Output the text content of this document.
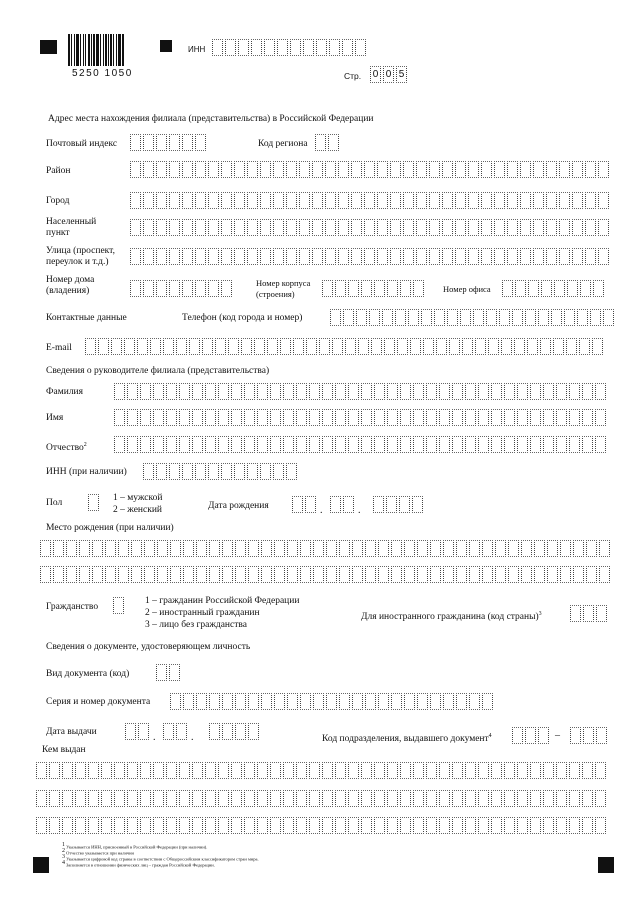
5250 1050
ИНН
Стр. 0 0 5
Адрес места нахождения филиала (представительства) в Российской Федерации
Почтовый индекс	Код региона
Район
Город
Населенный пункт
Улица (проспект, переулок и т.д.)
Номер дома (владения)
Номер корпуса (строения)	Номер офиса
Контактные данные	Телефон (код города и номер)
E-mail
Сведения о руководителе филиала (представительства)
Фамилия
Имя
Отчество$^2$
ИНН (при наличии)
Пол	1 – мужской
2 – женский	Дата рождения	.	.
Место рождения (при наличии)
Гражданство
1 – гражданин Российской Федерации
2 – иностранный гражданин
3 – лицо без гражданства
Для иностранного гражданина (код страны)$^3$
Сведения о документе, удостоверяющем личность
Вид документа (код)
Серия и номер документа
Дата выдачи	.	.	Код подразделения, выдавшего документ$^4$	–
Кем выдан
1 Указывается ИНН, присвоенный в Российской Федерации (при наличии).
2 Отчество указывается при наличии
3 Указывается цифровой код страны в соответствии с Общероссийским классификатором стран мира.
4 Заполняется в отношении физических лиц – граждан Российской Федерации.
